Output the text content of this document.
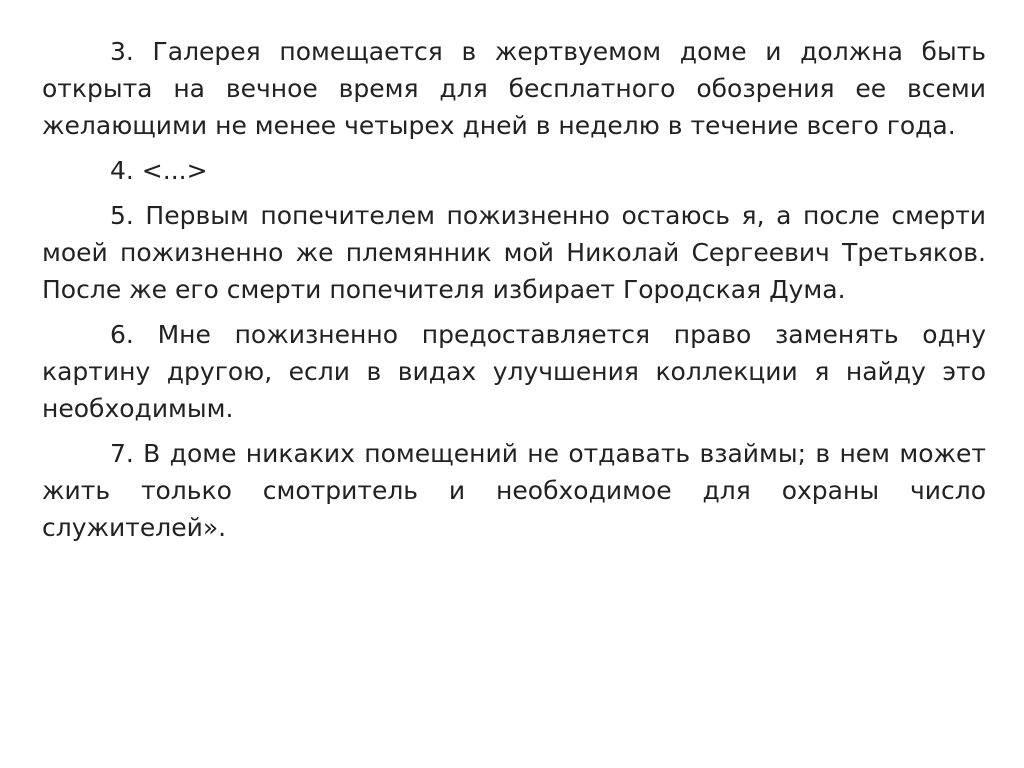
3. Галерея помещается в жертвуемом доме и должна быть открыта на вечное время для бесплатного обозрения ее всеми желающими не менее четырех дней в неделю в течение всего года.

4. <...>

5. Первым попечителем пожизненно остаюсь я, а после смерти моей пожизненно же племянник мой Николай Сергеевич Третьяков. После же его смерти попечителя избирает Городская Дума.

6. Мне пожизненно предоставляется право заменять одну картину другою, если в видах улучшения коллекции я найду это необходимым.

7. В доме никаких помещений не отдавать взаймы; в нем может жить только смотритель и необходимое для охраны число служителей».
